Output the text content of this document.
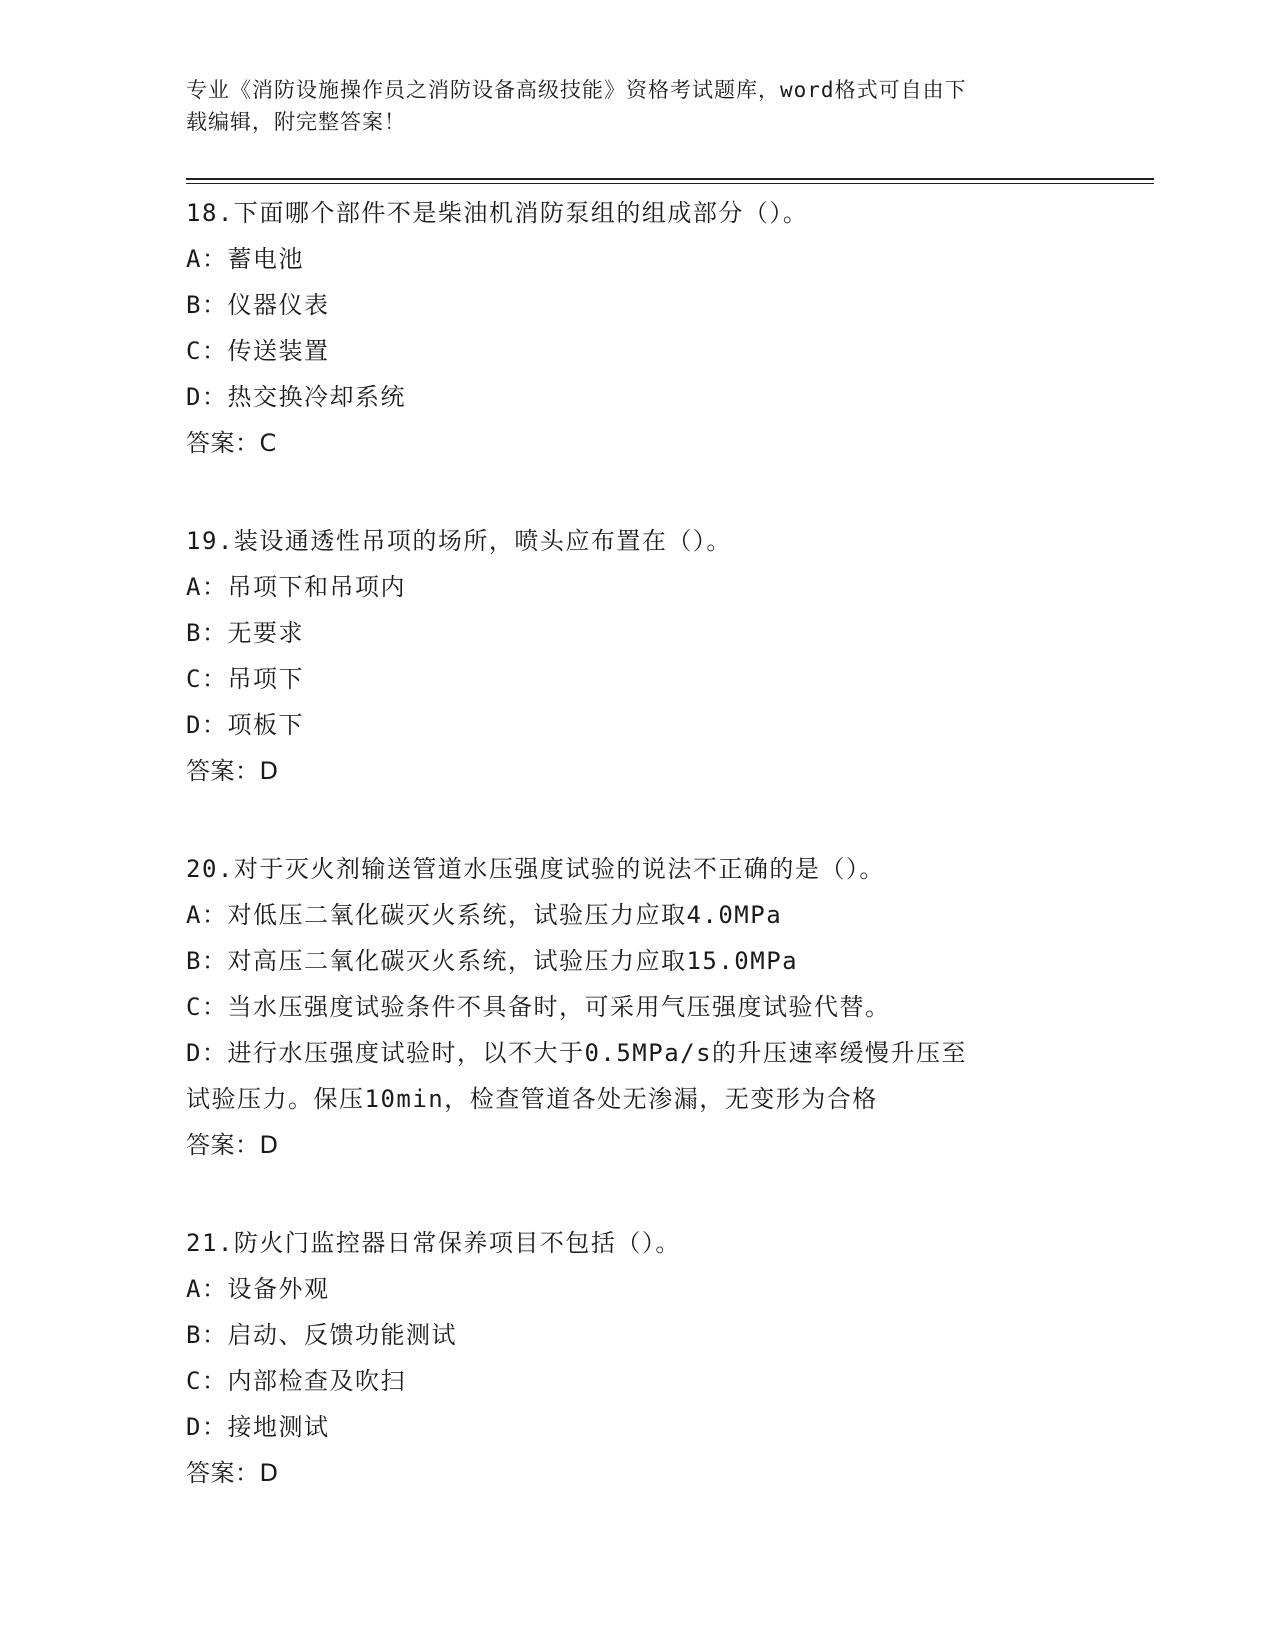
专业《消防设施操作员之消防设备高级技能》资格考试题库，word格式可自由下
载编辑，附完整答案！
18.下面哪个部件不是柴油机消防泵组的组成部分（）。
A：蓄电池
B：仪器仪表
C：传送装置
D：热交换冷却系统
答案：C
19.装设通透性吊项的场所，喷头应布置在（）。
A：吊项下和吊项内
B：无要求
C：吊项下
D：项板下
答案：D
20.对于灭火剂输送管道水压强度试验的说法不正确的是（）。
A：对低压二氧化碳灭火系统，试验压力应取4.0MPa
B：对高压二氧化碳灭火系统，试验压力应取15.0MPa
C：当水压强度试验条件不具备时，可采用气压强度试验代替。
D：进行水压强度试验时，以不大于0.5MPa/s的升压速率缓慢升压至
试验压力。保压10min，检查管道各处无渗漏，无变形为合格
答案：D
21.防火门监控器日常保养项目不包括（）。
A：设备外观
B：启动、反馈功能测试
C：内部检查及吹扫
D：接地测试
答案：D
